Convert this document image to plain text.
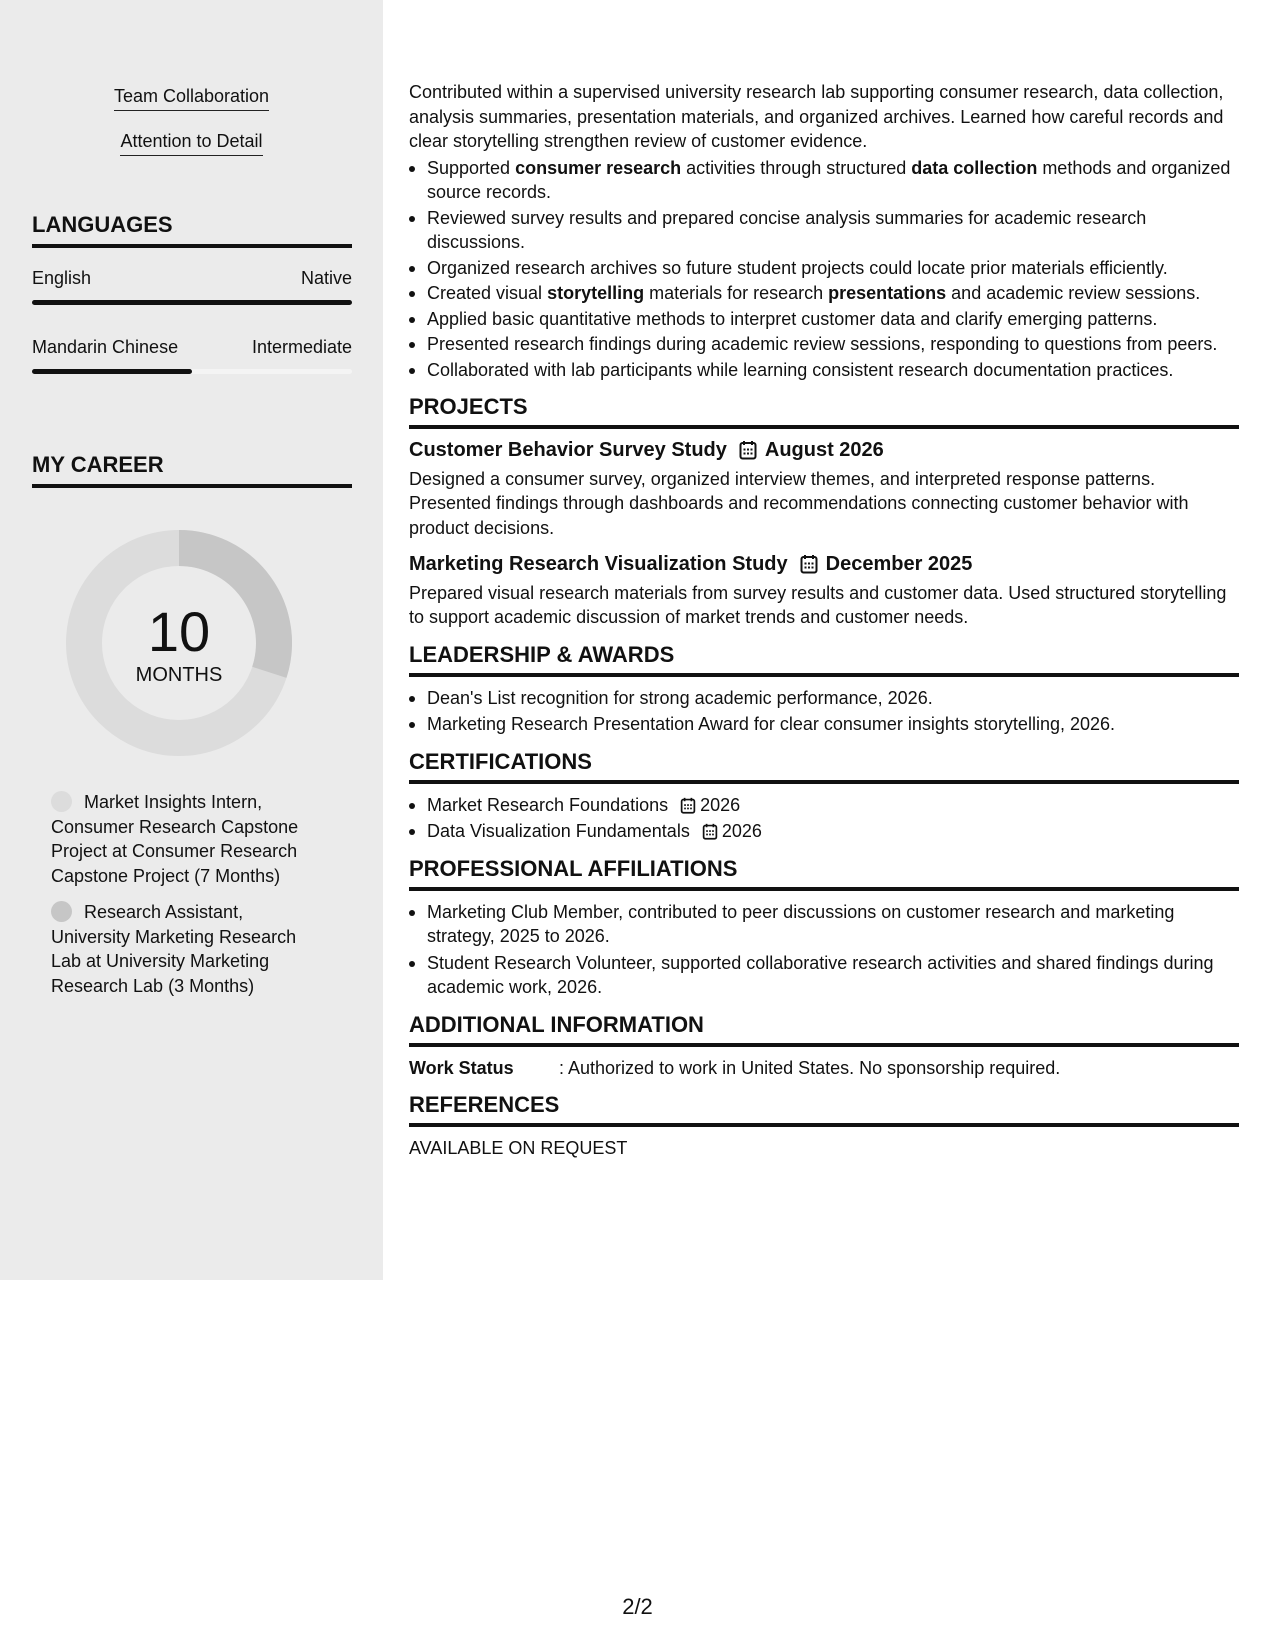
Team Collaboration
Attention to Detail
LANGUAGES
English	Native
Mandarin Chinese	Intermediate
MY CAREER
10
MONTHS
Market Insights Intern, Consumer Research Capstone Project at Consumer Research Capstone Project (7 Months)
Research Assistant, University Marketing Research Lab at University Marketing Research Lab (3 Months)

Contributed within a supervised university research lab supporting consumer research, data collection, analysis summaries, presentation materials, and organized archives. Learned how careful records and clear storytelling strengthen review of customer evidence.

Supported consumer research activities through structured data collection methods and organized source records.
Reviewed survey results and prepared concise analysis summaries for academic research discussions.
Organized research archives so future student projects could locate prior materials efficiently.
Created visual storytelling materials for research presentations and academic review sessions.
Applied basic quantitative methods to interpret customer data and clarify emerging patterns.
Presented research findings during academic review sessions, responding to questions from peers.
Collaborated with lab participants while learning consistent research documentation practices.
PROJECTS
Customer Behavior Survey Study August 2026

Designed a consumer survey, organized interview themes, and interpreted response patterns. Presented findings through dashboards and recommendations connecting customer behavior with product decisions.

Marketing Research Visualization Study December 2025

Prepared visual research materials from survey results and customer data. Used structured storytelling to support academic discussion of market trends and customer needs.

LEADERSHIP & AWARDS
Dean's List recognition for strong academic performance, 2026.
Marketing Research Presentation Award for clear consumer insights storytelling, 2026.
CERTIFICATIONS
Market Research Foundations 2026
Data Visualization Fundamentals 2026
PROFESSIONAL AFFILIATIONS
Marketing Club Member, contributed to peer discussions on customer research and marketing strategy, 2025 to 2026.
Student Research Volunteer, supported collaborative research activities and shared findings during academic work, 2026.
ADDITIONAL INFORMATION
Work Status	: Authorized to work in United States. No sponsorship required.
REFERENCES

AVAILABLE ON REQUEST

2/2
